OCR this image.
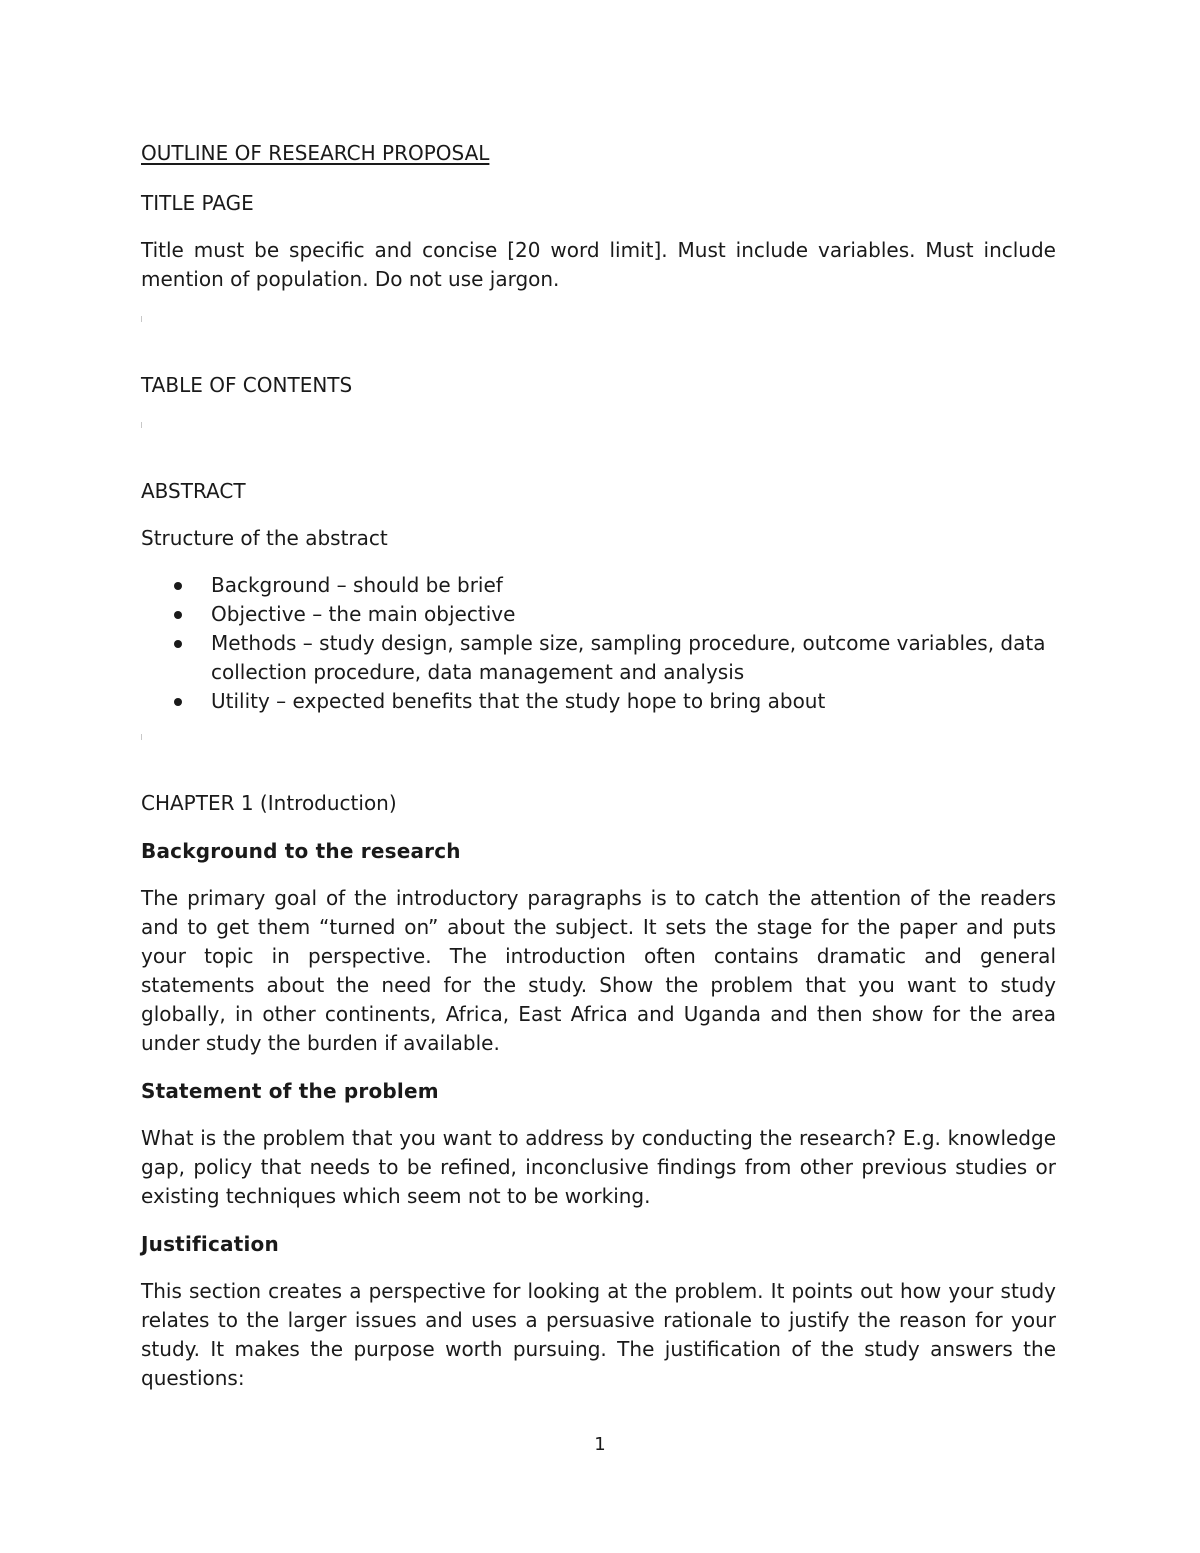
OUTLINE OF RESEARCH PROPOSAL
TITLE PAGE

Title must be specific and concise [20 word limit]. Must include variables. Must include mention of population. Do not use jargon.

TABLE OF CONTENTS
ABSTRACT

Structure of the abstract

Background – should be brief
Objective – the main objective
Methods – study design, sample size, sampling procedure, outcome variables, data collection procedure, data management and analysis
Utility – expected benefits that the study hope to bring about
CHAPTER 1 (Introduction)
Background to the research

The primary goal of the introductory paragraphs is to catch the attention of the readers and to get them “turned on” about the subject. It sets the stage for the paper and puts your topic in perspective. The introduction often contains dramatic and general statements about the need for the study. Show the problem that you want to study globally, in other continents, Africa, East Africa and Uganda and then show for the area under study the burden if available.

Statement of the problem

What is the problem that you want to address by conducting the research? E.g. knowledge gap, policy that needs to be refined, inconclusive findings from other previous studies or existing techniques which seem not to be working.

Justification

This section creates a perspective for looking at the problem. It points out how your study relates to the larger issues and uses a persuasive rationale to justify the reason for your study. It makes the purpose worth pursuing. The justification of the study answers the questions:

1
